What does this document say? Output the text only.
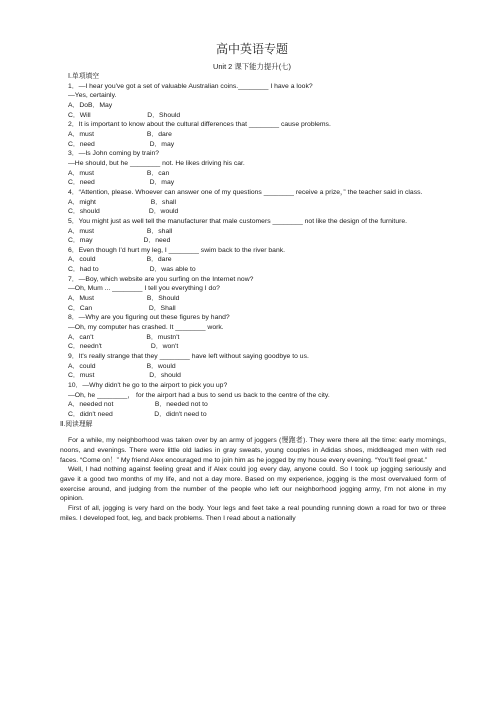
高中英语专题
Unit 2 课下能力提升(七)
Ⅰ.单项填空
1．—I hear you've got a set of valuable Australian coins.________ I have a look?
—Yes, certainly.
A．DoB．May
C．Will                              D．Should
2．It is important to know about the cultural differences that ________ cause problems.
A．must                            B．dare
C．need                             D．may
3．—Is John coming by train?
—He should, but he ________ not. He likes driving his car.
A．must                            B．can
C．need                             D．may
4．“Attention, please. Whoever can answer one of my questions ________ receive a prize，” the teacher said in class.
A．might                             B．shall
C．should                          D．would
5．You might just as well tell the manufacturer that male customers ________ not like the design of the furniture.
A．must                            B．shall
C．may                           D．need
6．Even though I'd hurt my leg, I ________ swim back to the river bank.
A．could                           B．dare
C．had to                           D．was able to
7．—Boy, which website are you surfing on the Internet now?
—Oh, Mum ... ________ I tell you everything I do?
A．Must                            B．Should
C．Can                              D．Shall
8．—Why are you figuring out these figures by hand?
—Oh, my computer has crashed. It ________ work.
A．can't                            B．mustn't
C．needn't                          D．won't
9．It's really strange that they ________ have left without saying goodbye to us.
A．could                           B．would
C．must                             D．should
10．—Why didn't he go to the airport to pick you up?
—Oh, he ________， for the airport had a bus to send us back to the centre of the city.
A．needed not                      B．needed not to
C．didn't need                      D．didn't need to
Ⅱ.阅读理解
For a while, my neighborhood was taken over by an army of joggers (慢跑者). They were there all the time: early mornings, noons, and evenings. There were little old ladies in gray sweats, young couples in Adidas shoes, middleaged men with red faces. “Come on！” My friend Alex encouraged me to join him as he jogged by my house every evening. “You'll feel great.”
Well, I had nothing against feeling great and if Alex could jog every day, anyone could. So I took up jogging seriously and gave it a good two months of my life, and not a day more. Based on my experience, jogging is the most overvalued form of exercise around, and judging from the number of the people who left our neighborhood jogging army, I'm not alone in my opinion.
First of all, jogging is very hard on the body. Your legs and feet take a real pounding running down a road for two or three miles. I developed foot, leg, and back problems. Then I read about a nationally
